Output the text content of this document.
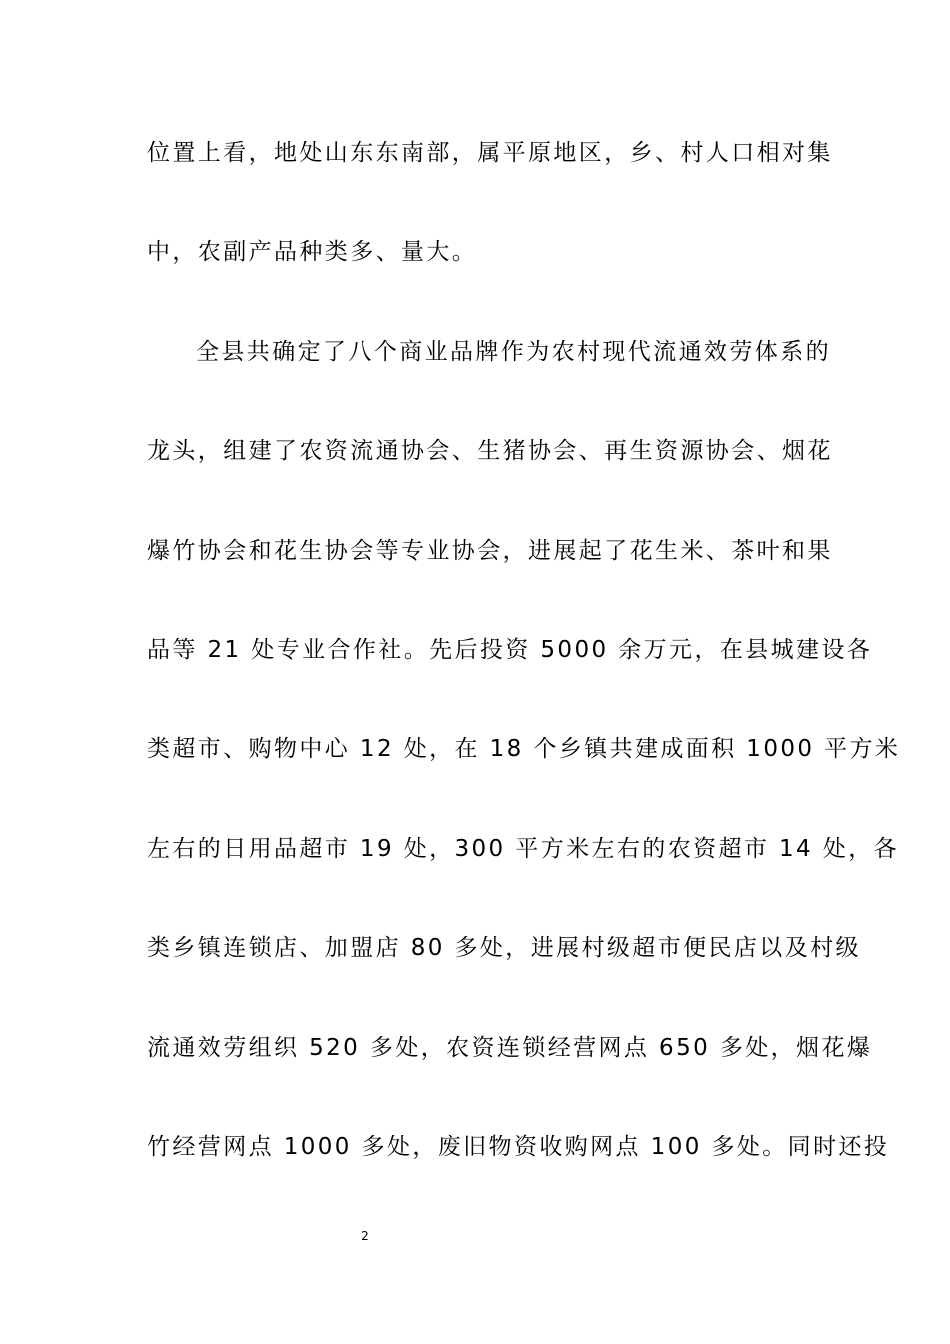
位置上看，地处山东东南部，属平原地区，乡、村人口相对集
中，农副产品种类多、量大。
全县共确定了八个商业品牌作为农村现代流通效劳体系的
龙头，组建了农资流通协会、生猪协会、再生资源协会、烟花
爆竹协会和花生协会等专业协会，进展起了花生米、茶叶和果
品等 21 处专业合作社。先后投资 5000 余万元，在县城建设各
类超市、购物中心 12 处，在 18 个乡镇共建成面积 1000 平方米
左右的日用品超市 19 处，300 平方米左右的农资超市 14 处，各
类乡镇连锁店、加盟店 80 多处，进展村级超市便民店以及村级
流通效劳组织 520 多处，农资连锁经营网点 650 多处，烟花爆
竹经营网点 1000 多处，废旧物资收购网点 100 多处。同时还投
2
